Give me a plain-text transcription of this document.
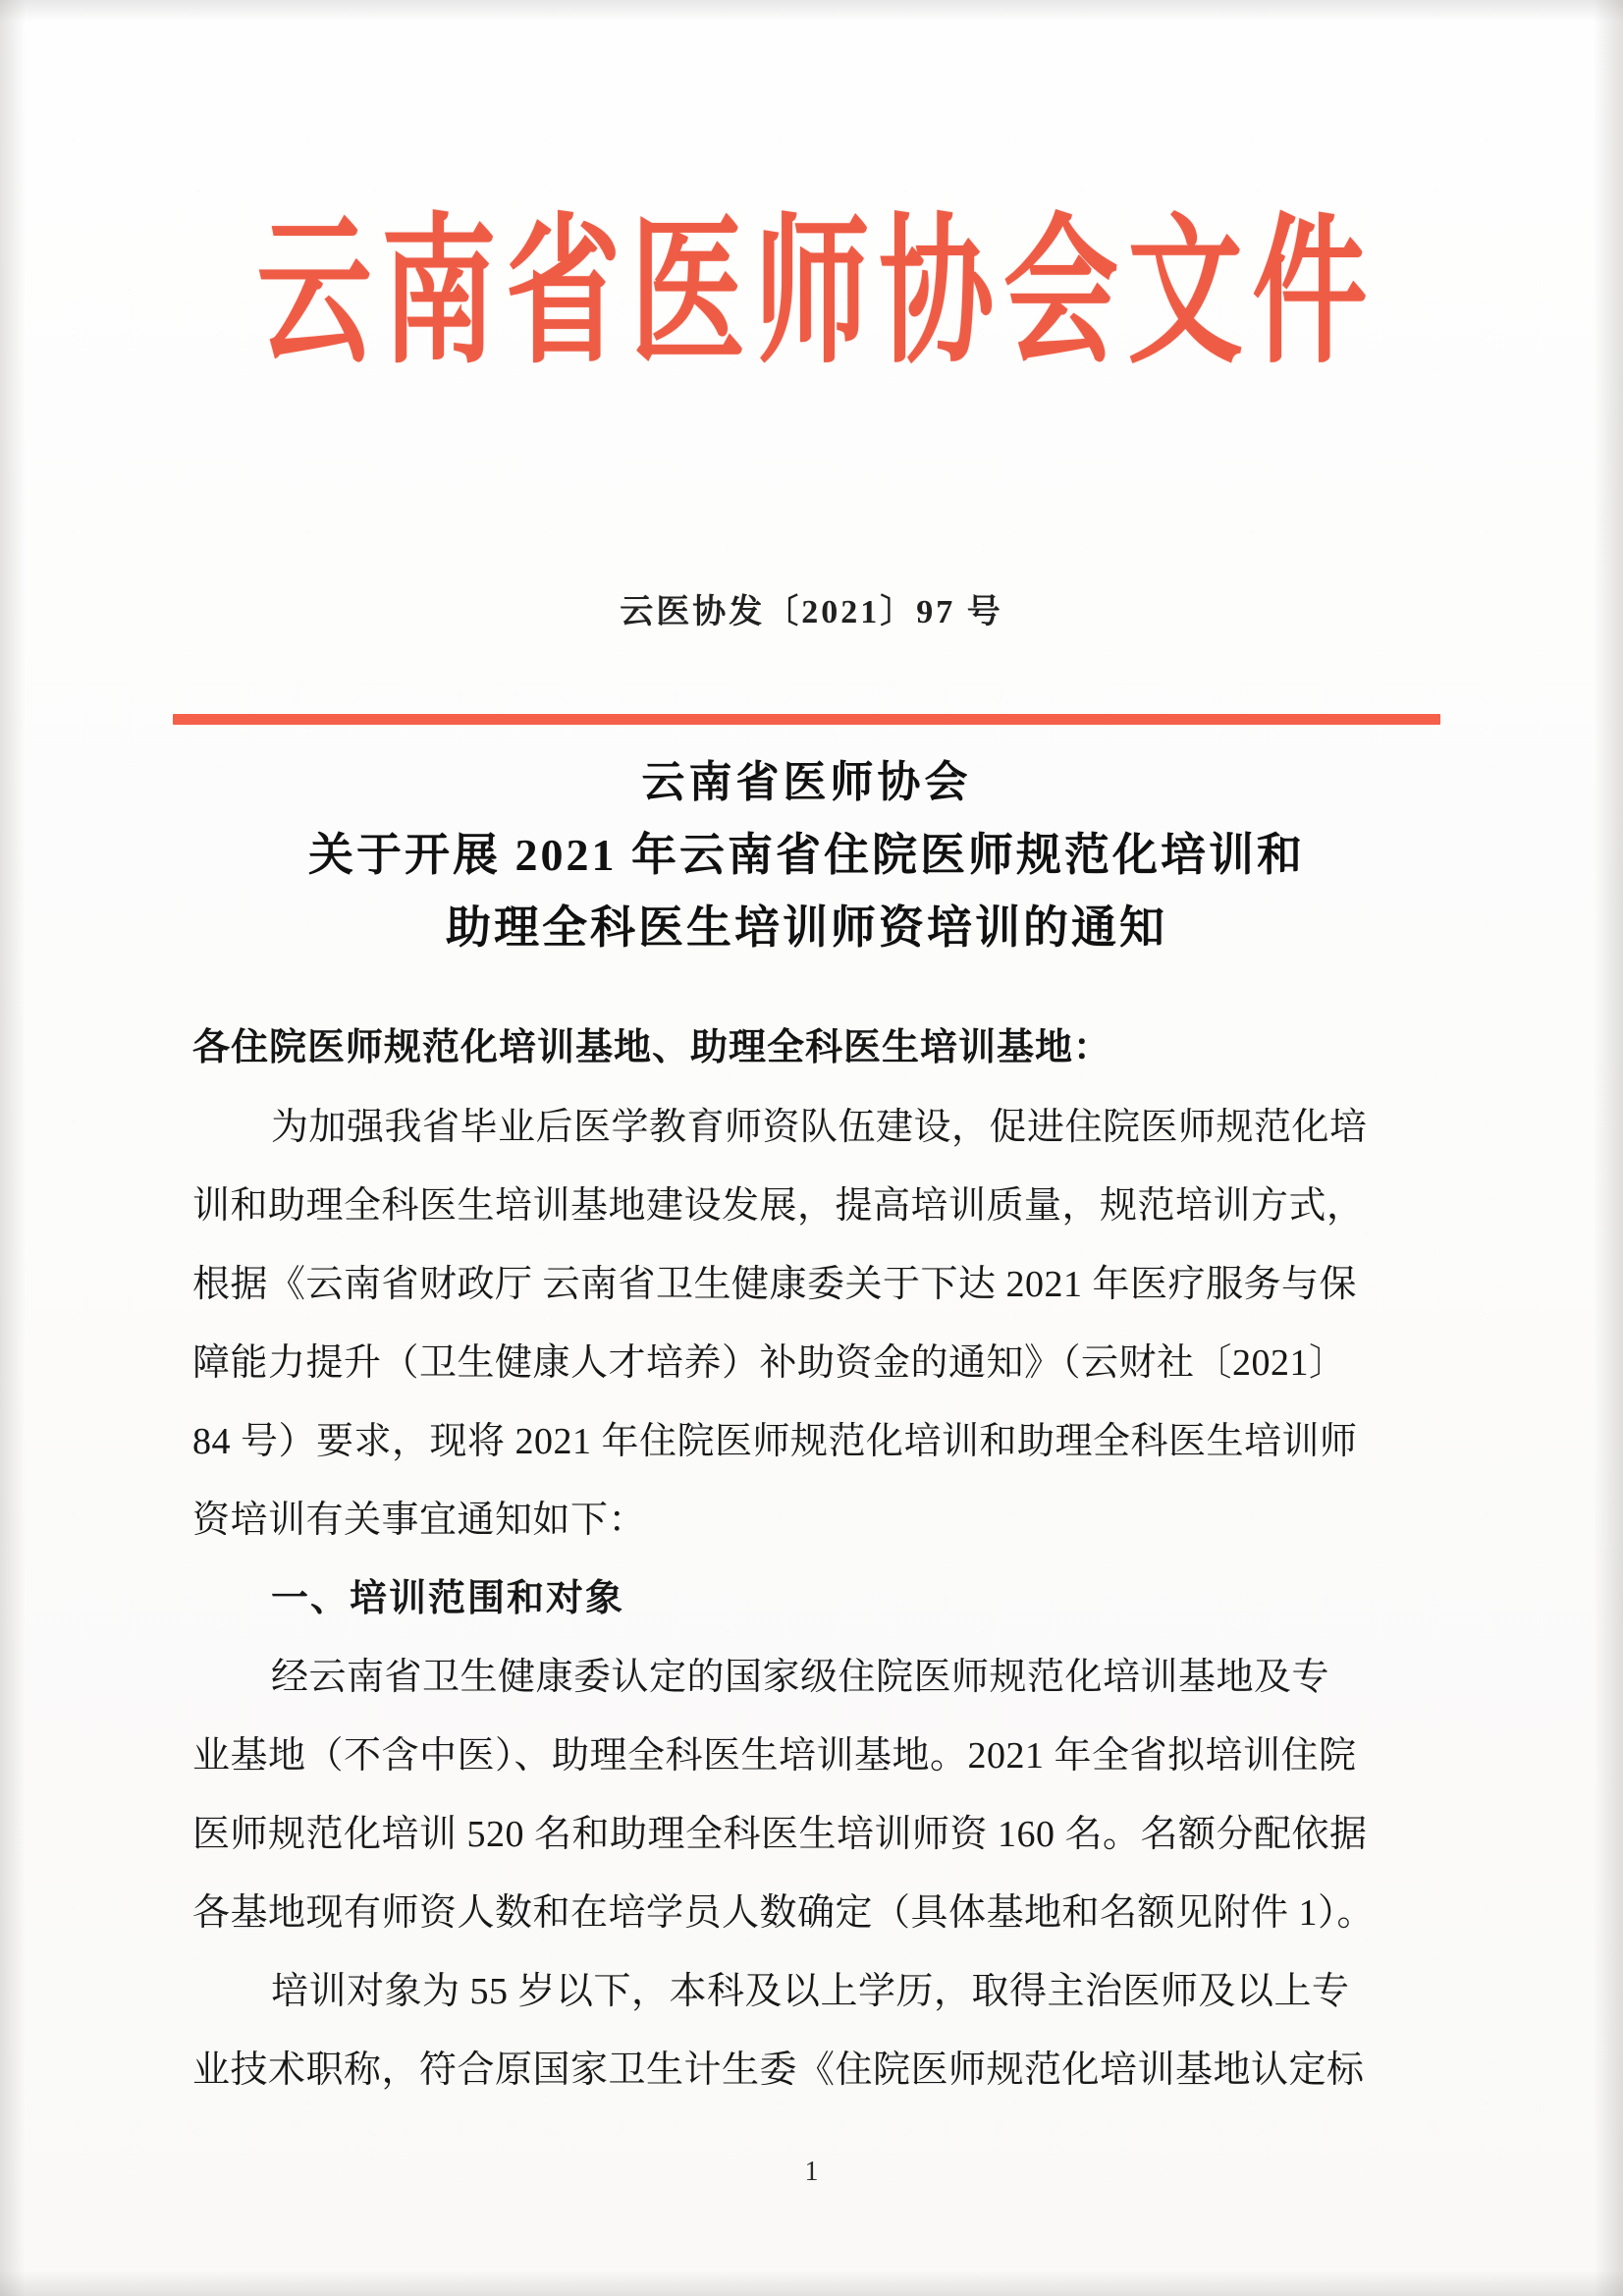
云南省医师协会文件
云医协发〔2021〕97 号
云南省医师协会
关于开展 2021 年云南省住院医师规范化培训和
助理全科医生培训师资培训的通知
各住院医师规范化培训基地、助理全科医生培训基地：
为加强我省毕业后医学教育师资队伍建设，促进住院医师规范化培
训和助理全科医生培训基地建设发展，提高培训质量，规范培训方式，
根据《云南省财政厅 云南省卫生健康委关于下达 2021 年医疗服务与保
障能力提升（卫生健康人才培养）补助资金的通知》（云财社〔2021〕
84 号）要求，现将 2021 年住院医师规范化培训和助理全科医生培训师
资培训有关事宜通知如下：
一、培训范围和对象
经云南省卫生健康委认定的国家级住院医师规范化培训基地及专
业基地（不含中医）、助理全科医生培训基地。2021 年全省拟培训住院
医师规范化培训 520 名和助理全科医生培训师资 160 名。名额分配依据
各基地现有师资人数和在培学员人数确定（具体基地和名额见附件 1）。
培训对象为 55 岁以下，本科及以上学历，取得主治医师及以上专
业技术职称，符合原国家卫生计生委《住院医师规范化培训基地认定标
1
